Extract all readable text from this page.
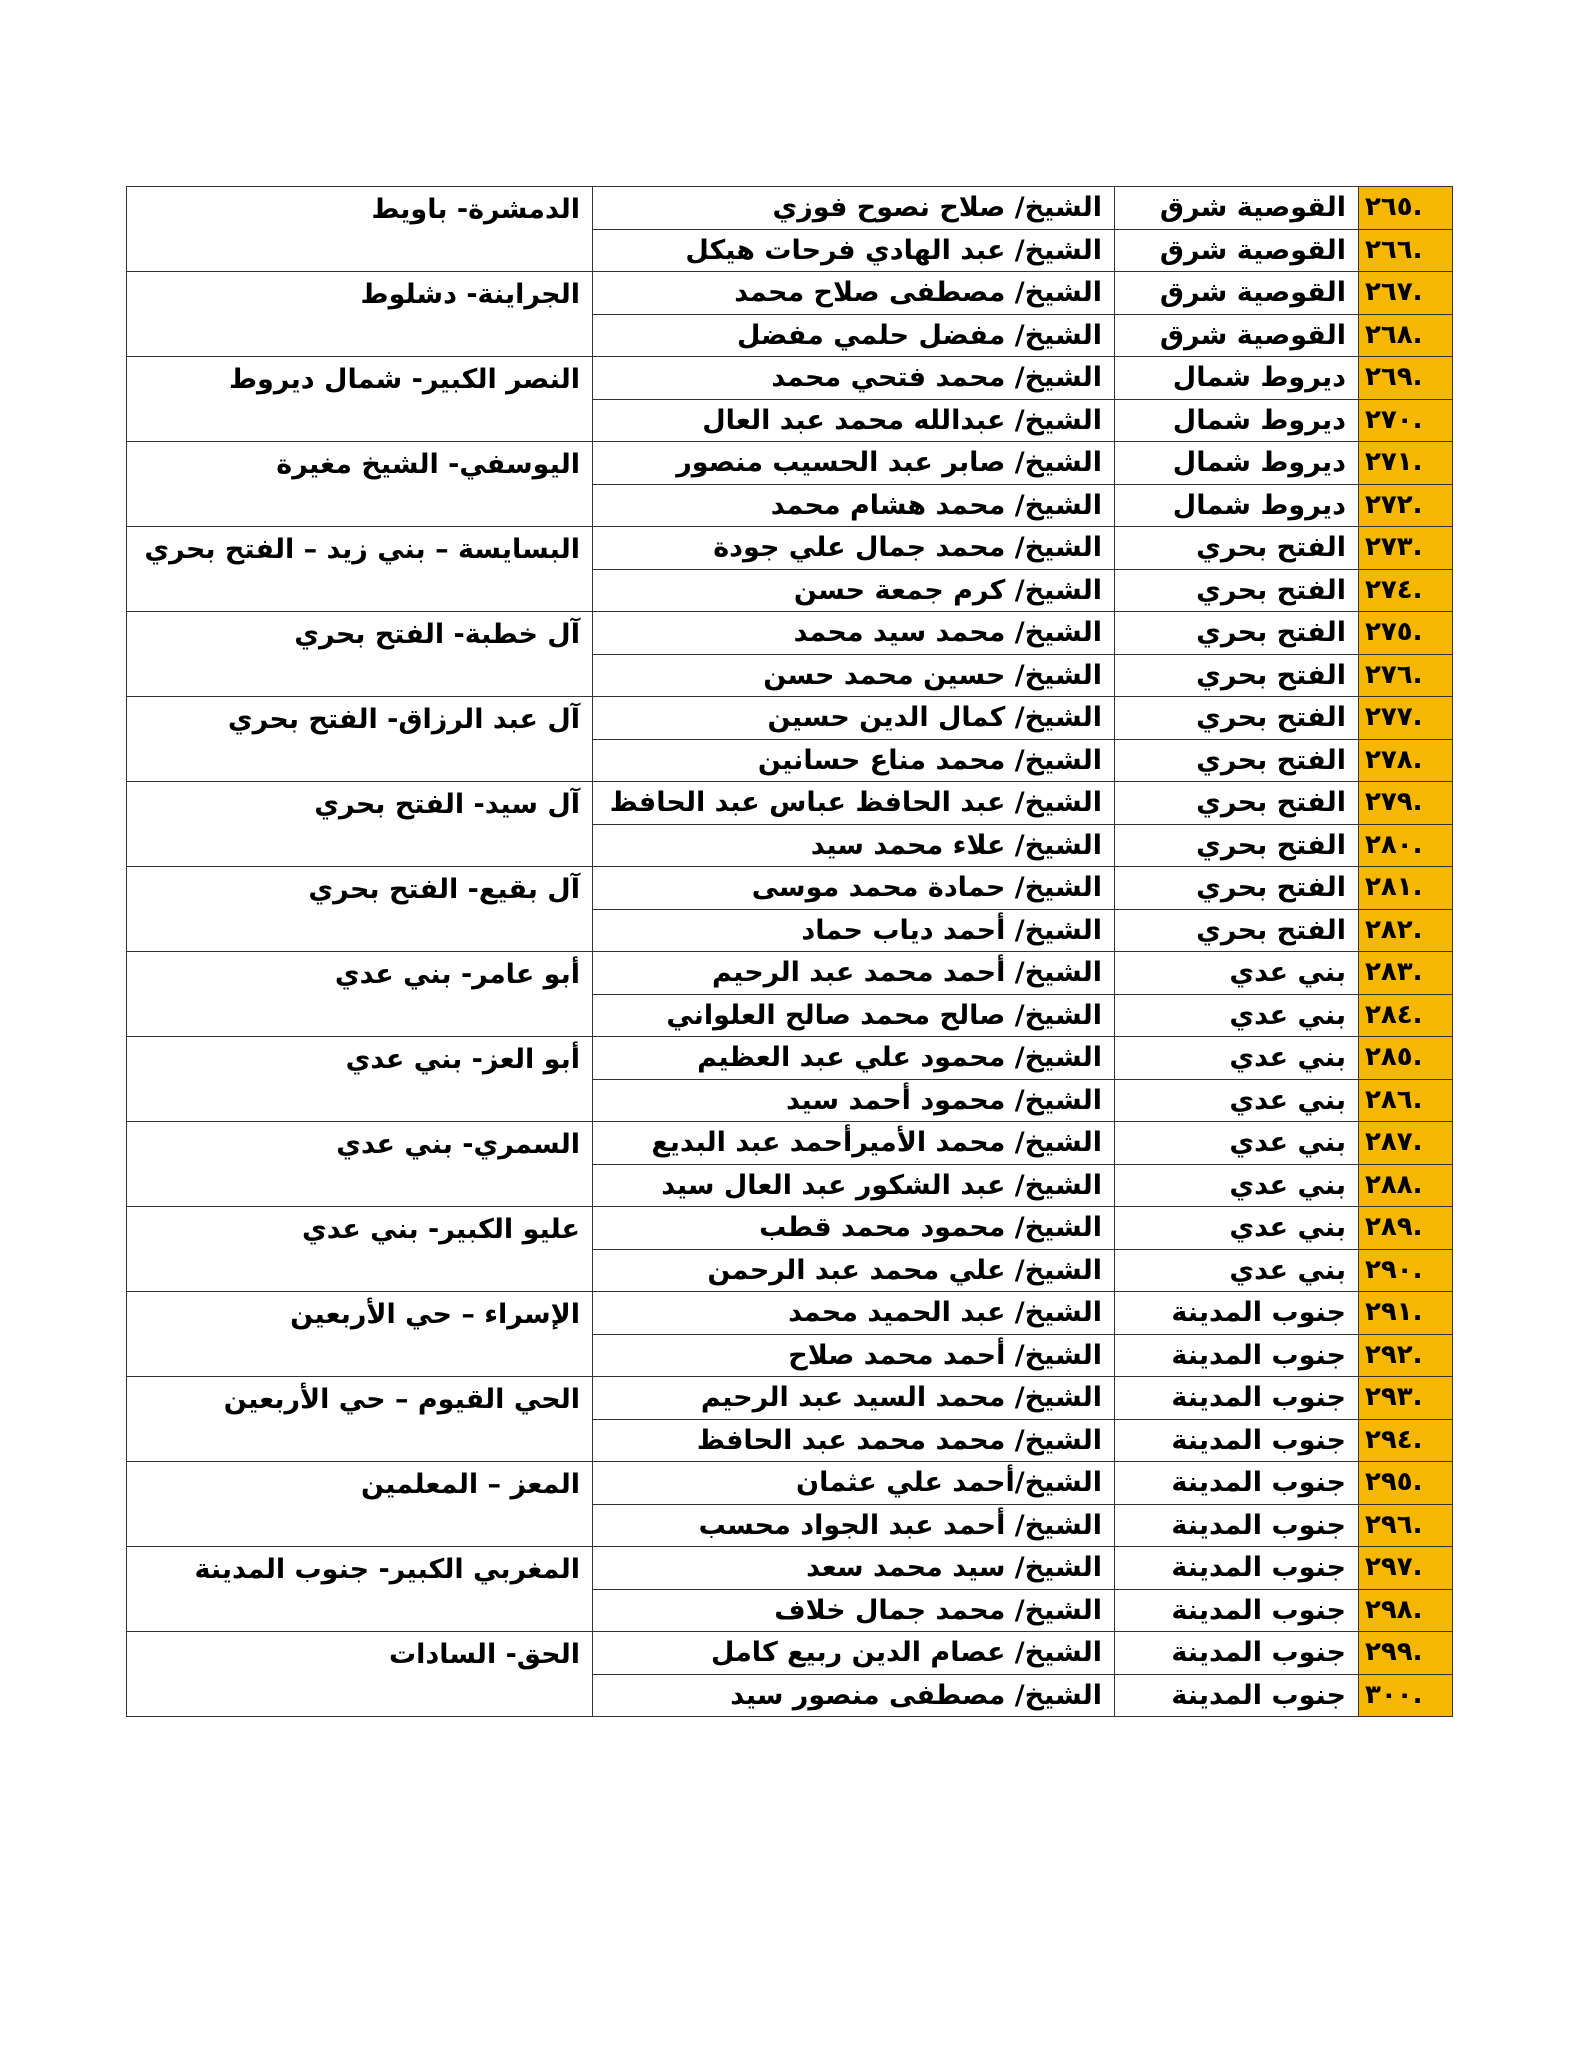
٢٦٥.	القوصية شرق	الشيخ/ صلاح نصوح فوزي	الدمشرة- باويط
٢٦٦.	القوصية شرق	الشيخ/ عبد الهادي فرحات هيكل	
٢٦٧.	القوصية شرق	الشيخ/ مصطفى صلاح محمد	الجراينة- دشلوط
٢٦٨.	القوصية شرق	الشيخ/ مفضل حلمي مفضل	
٢٦٩.	ديروط شمال	الشيخ/ محمد فتحي محمد	النصر الكبير- شمال ديروط
٢٧٠.	ديروط شمال	الشيخ/ عبدالله محمد عبد العال	
٢٧١.	ديروط شمال	الشيخ/ صابر عبد الحسيب منصور	اليوسفي- الشيخ مغيرة
٢٧٢.	ديروط شمال	الشيخ/ محمد هشام محمد	
٢٧٣.	الفتح بحري	الشيخ/ محمد جمال علي جودة	البسايسة – بني زيد – الفتح بحري
٢٧٤.	الفتح بحري	الشيخ/ كرم جمعة حسن	
٢٧٥.	الفتح بحري	الشيخ/ محمد سيد محمد	آل خطبة- الفتح بحري
٢٧٦.	الفتح بحري	الشيخ/ حسين محمد حسن	
٢٧٧.	الفتح بحري	الشيخ/ كمال الدين حسين	آل عبد الرزاق- الفتح بحري
٢٧٨.	الفتح بحري	الشيخ/ محمد مناع حسانين	
٢٧٩.	الفتح بحري	الشيخ/ عبد الحافظ عباس عبد الحافظ	آل سيد- الفتح بحري
٢٨٠.	الفتح بحري	الشيخ/ علاء محمد سيد	
٢٨١.	الفتح بحري	الشيخ/ حمادة محمد موسى	آل بقيع- الفتح بحري
٢٨٢.	الفتح بحري	الشيخ/ أحمد دياب حماد	
٢٨٣.	بني عدي	الشيخ/ أحمد محمد عبد الرحيم	أبو عامر- بني عدي
٢٨٤.	بني عدي	الشيخ/ صالح محمد صالح العلواني	
٢٨٥.	بني عدي	الشيخ/ محمود علي عبد العظيم	أبو العز- بني عدي
٢٨٦.	بني عدي	الشيخ/ محمود أحمد سيد	
٢٨٧.	بني عدي	الشيخ/ محمد الأميرأحمد عبد البديع	السمري- بني عدي
٢٨٨.	بني عدي	الشيخ/ عبد الشكور عبد العال سيد	
٢٨٩.	بني عدي	الشيخ/ محمود محمد قطب	عليو الكبير- بني عدي
٢٩٠.	بني عدي	الشيخ/ علي محمد عبد الرحمن	
٢٩١.	جنوب المدينة	الشيخ/ عبد الحميد محمد	الإسراء – حي الأربعين
٢٩٢.	جنوب المدينة	الشيخ/ أحمد محمد صلاح	
٢٩٣.	جنوب المدينة	الشيخ/ محمد السيد عبد الرحيم	الحي القيوم – حي الأربعين
٢٩٤.	جنوب المدينة	الشيخ/ محمد محمد عبد الحافظ	
٢٩٥.	جنوب المدينة	الشيخ/أحمد علي عثمان	المعز – المعلمين
٢٩٦.	جنوب المدينة	الشيخ/ أحمد عبد الجواد محسب	
٢٩٧.	جنوب المدينة	الشيخ/ سيد محمد سعد	المغربي الكبير- جنوب المدينة
٢٩٨.	جنوب المدينة	الشيخ/ محمد جمال خلاف	
٢٩٩.	جنوب المدينة	الشيخ/ عصام الدين ربيع كامل	الحق- السادات
٣٠٠.	جنوب المدينة	الشيخ/ مصطفى منصور سيد	
